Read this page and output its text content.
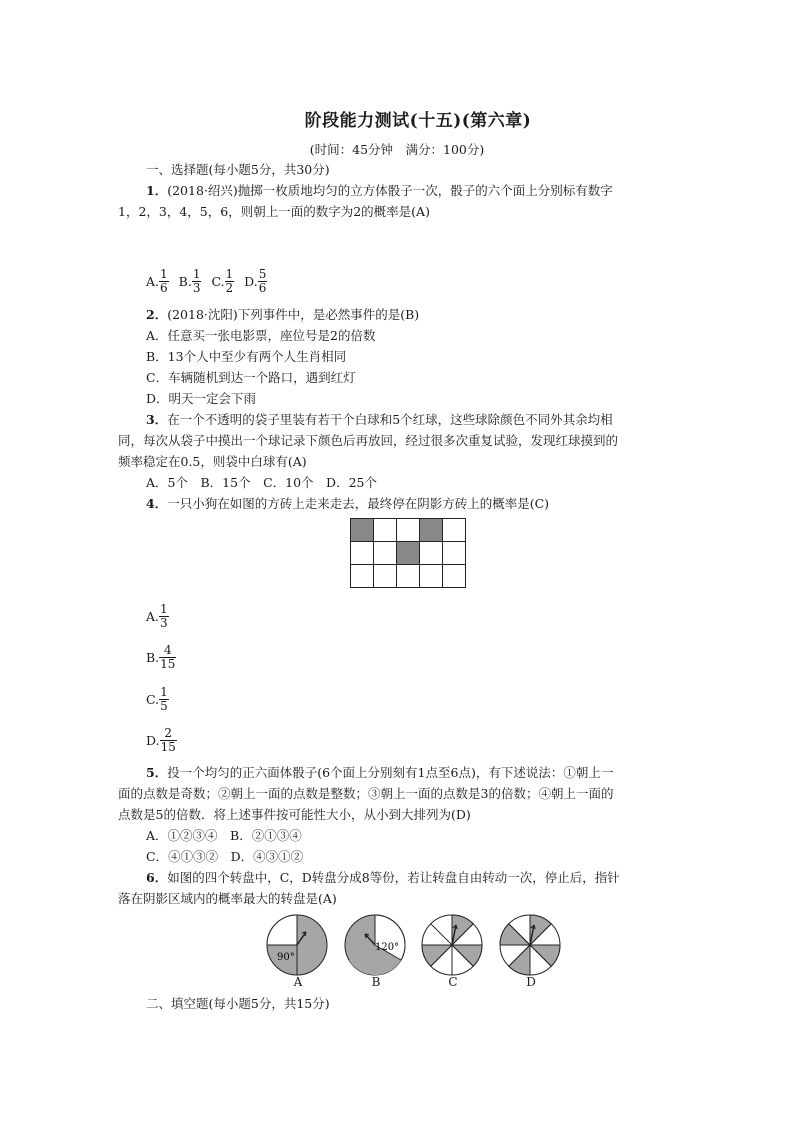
阶段能力测试(十五)(第六章)
(时间：45分钟　满分：100分)
一、选择题(每小题5分，共30分)
1．(2018·绍兴)抛掷一枚质地均匀的立方体骰子一次，骰子的六个面上分别标有数字
1，2，3，4，5，6，则朝上一面的数字为2的概率是(A)
A. $\frac{1}{6} B$. $\frac{1}{3} C$. $\frac{1}{2} D$. $\frac{5}{6}$
2．(2018·沈阳)下列事件中，是必然事件的是(B)
A．任意买一张电影票，座位号是2的倍数
B．13个人中至少有两个人生肖相同
C．车辆随机到达一个路口，遇到红灯
D．明天一定会下雨
3．在一个不透明的袋子里装有若干个白球和5个红球，这些球除颜色不同外其余均相
同，每次从袋子中摸出一个球记录下颜色后再放回，经过很多次重复试验，发现红球摸到的
频率稳定在0.5，则袋中白球有(A)
A．5个　B．15个　C．10个　D．25个
4．一只小狗在如图的方砖上走来走去，最终停在阴影方砖上的概率是(C)

A. $\frac{1}{3}$
B. $\frac{4}{15}$
C. $\frac{1}{5}$
D. $\frac{2}{15}$
5．投一个均匀的正六面体骰子(6个面上分别刻有1点至6点)，有下述说法：①朝上一
面的点数是奇数；②朝上一面的点数是整数；③朝上一面的点数是3的倍数；④朝上一面的
点数是5的倍数．将上述事件按可能性大小，从小到大排列为(D)
A．①②③④　B．②①③④
C．④①③②　D．④③①②
6．如图的四个转盘中，C，D转盘分成8等份，若让转盘自由转动一次，停止后，指针
落在阴影区域内的概率最大的转盘是(A)
90°
120°
A	B	C	D
二、填空题(每小题5分，共15分)
